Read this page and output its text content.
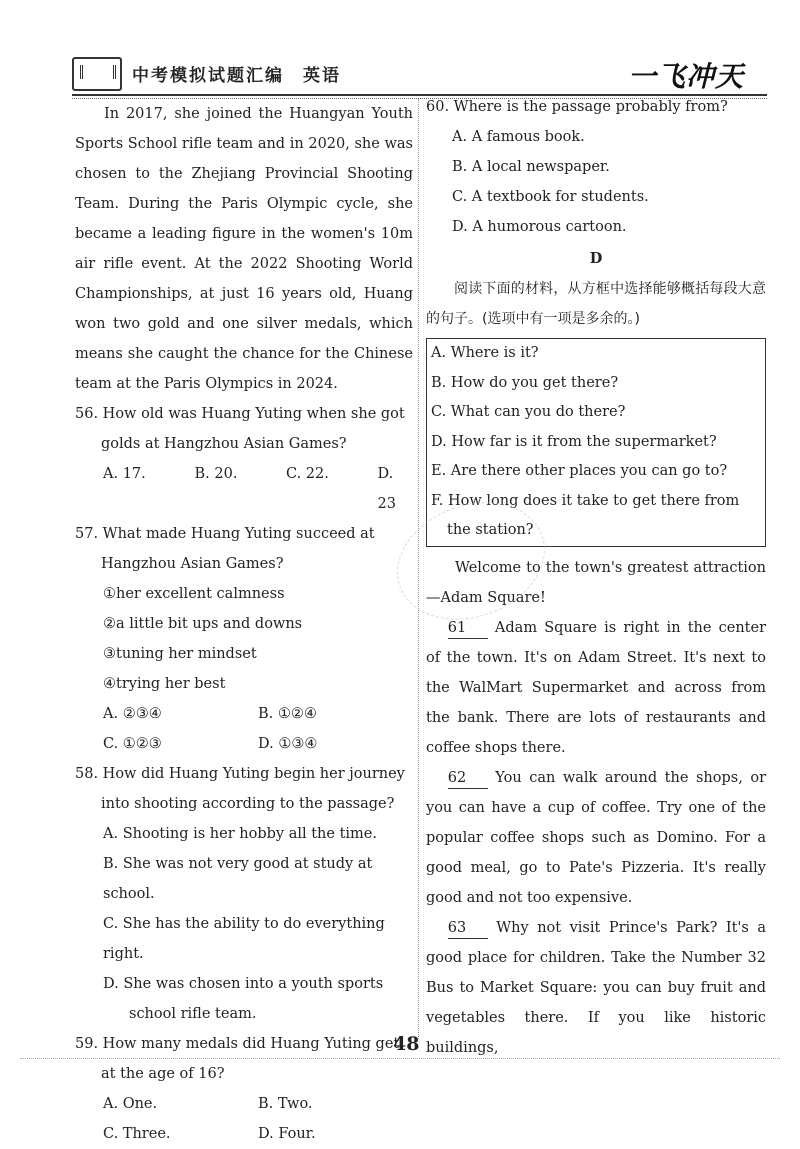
中考模拟试题汇编　英语	一飞冲天

In 2017, she joined the Huangyan Youth Sports School rifle team and in 2020, she was chosen to the Zhejiang Provincial Shooting Team. During the Paris Olympic cycle, she became a leading figure in the women's 10m air rifle event. At the 2022 Shooting World Championships, at just 16 years old, Huang won two gold and one silver medals, which means she caught the chance for the Chinese team at the Paris Olympics in 2024.

56. How old was Huang Yuting when she got golds at Hangzhou Asian Games?

A. 17.	B. 20.	C. 22.	D. 23

57. What made Huang Yuting succeed at Hangzhou Asian Games?

①her excellent calmness

②a little bit ups and downs

③tuning her mindset

④trying her best

A. ②③④	B. ①②④
C. ①②③	D. ①③④

58. How did Huang Yuting begin her journey into shooting according to the passage?

A. Shooting is her hobby all the time.

B. She was not very good at study at school.

C. She has the ability to do everything right.

D. She was chosen into a youth sports school rifle team.

59. How many medals did Huang Yuting get at the age of 16?

A. One.	B. Two.
C. Three.	D. Four.

60. Where is the passage probably from?

A. A famous book.

B. A local newspaper.

C. A textbook for students.

D. A humorous cartoon.

D

阅读下面的材料，从方框中选择能够概括每段大意的句子。(选项中有一项是多余的。)

A. Where is it?

B. How do you get there?

C. What can you do there?

D. How far is it from the supermarket?

E. Are there other places you can go to?

F. How long does it take to get there from the station?

Welcome to the town's greatest attraction—Adam Square!

61 Adam Square is right in the center of the town. It's on Adam Street. It's next to the WalMart Supermarket and across from the bank. There are lots of restaurants and coffee shops there.

62 You can walk around the shops, or you can have a cup of coffee. Try one of the popular coffee shops such as Domino. For a good meal, go to Pate's Pizzeria. It's really good and not too expensive.

63 Why not visit Prince's Park? It's a good place for children. Take the Number 32 Bus to Market Square: you can buy fruit and vegetables there. If you like historic buildings,

48
